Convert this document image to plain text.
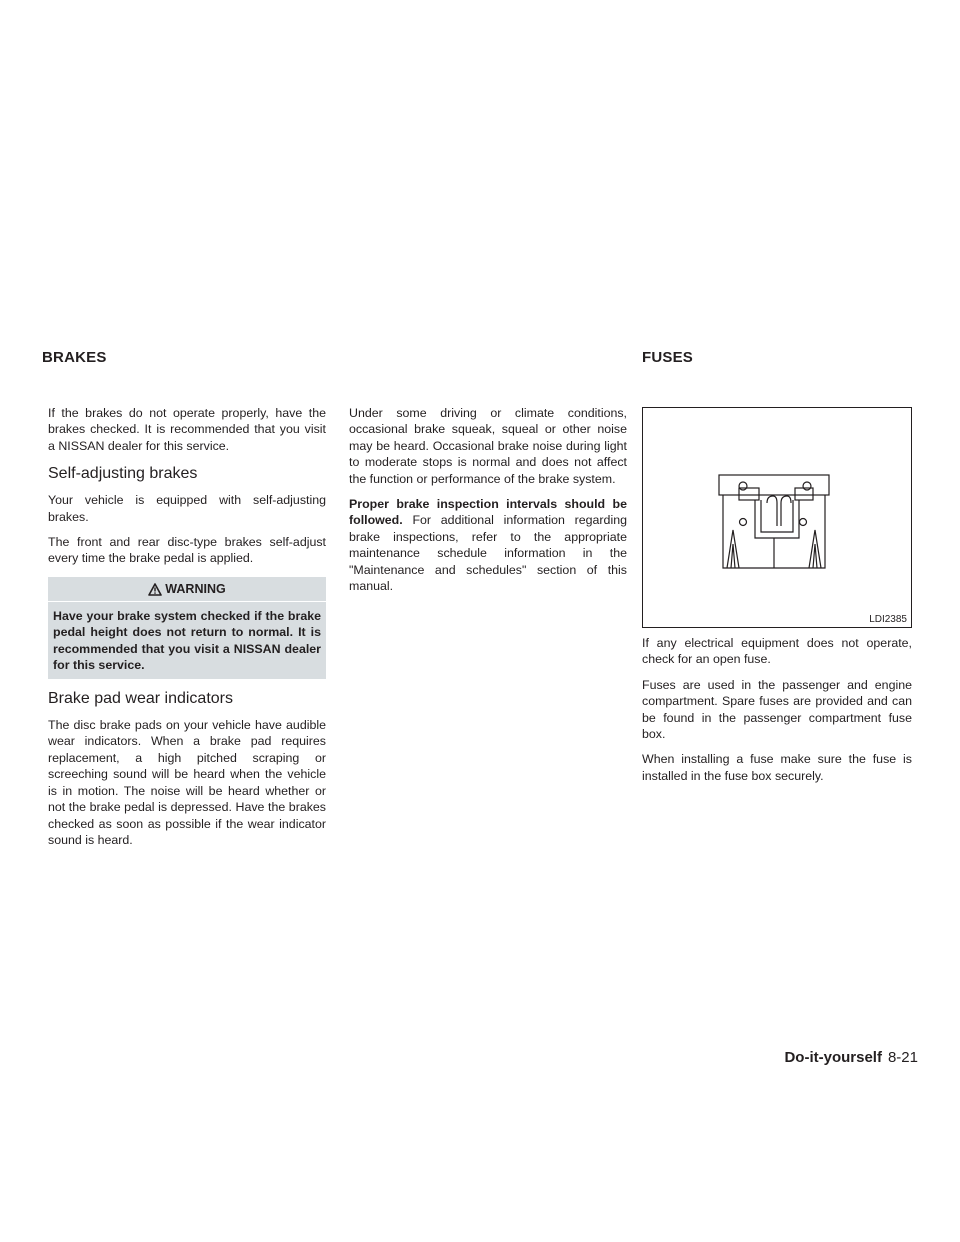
BRAKES	FUSES

If the brakes do not operate properly, have the brakes checked. It is recommended that you visit a NISSAN dealer for this service.

Self-adjusting brakes

Your vehicle is equipped with self-adjusting brakes.

The front and rear disc-type brakes self-adjust every time the brake pedal is applied.

WARNING
Have your brake system checked if the brake pedal height does not return to normal. It is recommended that you visit a NISSAN dealer for this service.
Brake pad wear indicators

The disc brake pads on your vehicle have audible wear indicators. When a brake pad requires replacement, a high pitched scraping or screeching sound will be heard when the vehicle is in motion. The noise will be heard whether or not the brake pedal is depressed. Have the brakes checked as soon as possible if the wear indicator sound is heard.

Under some driving or climate conditions, occasional brake squeak, squeal or other noise may be heard. Occasional brake noise during light to moderate stops is normal and does not affect the function or performance of the brake system.

Proper brake inspection intervals should be followed. For additional information regarding brake inspections, refer to the appropriate maintenance schedule information in the "Maintenance and schedules" section of this manual.

LDI2385

If any electrical equipment does not operate, check for an open fuse.

Fuses are used in the passenger and engine compartment. Spare fuses are provided and can be found in the passenger compartment fuse box.

When installing a fuse make sure the fuse is installed in the fuse box securely.

Do-it-yourself 8-21
